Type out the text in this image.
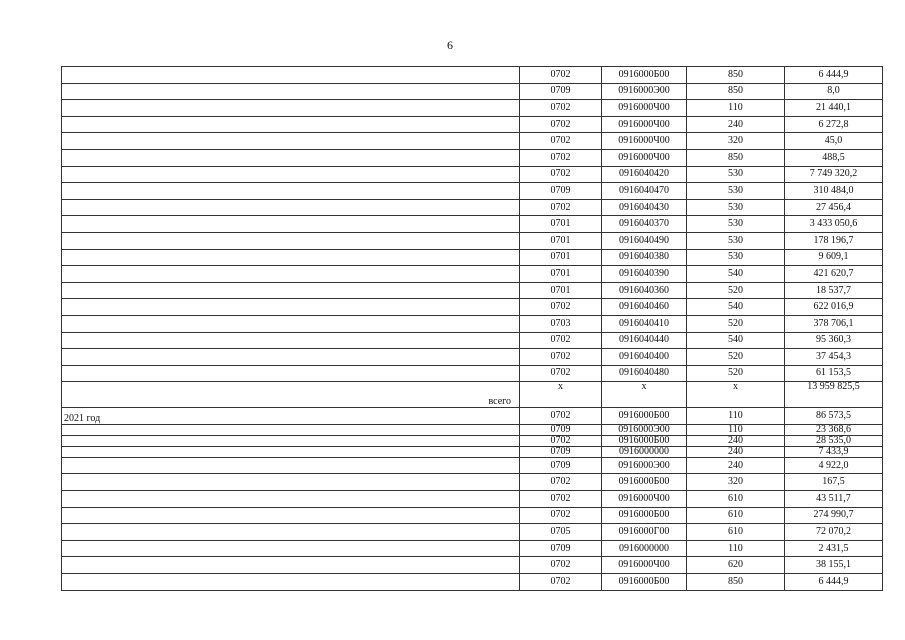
6
	0702	0916000Б00	850	6 444,9
	0709	0916000Э00	850	8,0
	0702	0916000Ч00	110	21 440,1
	0702	0916000Ч00	240	6 272,8
	0702	0916000Ч00	320	45,0
	0702	0916000Ч00	850	488,5
	0702	0916040420	530	7 749 320,2
	0709	0916040470	530	310 484,0
	0702	0916040430	530	27 456,4
	0701	0916040370	530	3 433 050,6
	0701	0916040490	530	178 196,7
	0701	0916040380	530	9 609,1
	0701	0916040390	540	421 620,7
	0701	0916040360	520	18 537,7
	0702	0916040460	540	622 016,9
	0703	0916040410	520	378 706,1
	0702	0916040440	540	95 360,3
	0702	0916040400	520	37 454,3
	0702	0916040480	520	61 153,5
всего	х	х	х	13 959 825,5
2021 год	0702	0916000Б00	110	86 573,5
	0709	0916000Э00	110	23 368,6
	0702	0916000Б00	240	28 535,0
	0709	0916000000	240	7 433,9
	0709	0916000Э00	240	4 922,0
	0702	0916000Б00	320	167,5
	0702	0916000Ч00	610	43 511,7
	0702	0916000Б00	610	274 990,7
	0705	0916000Г00	610	72 070,2
	0709	0916000000	110	2 431,5
	0702	0916000Ч00	620	38 155,1
	0702	0916000Б00	850	6 444,9
